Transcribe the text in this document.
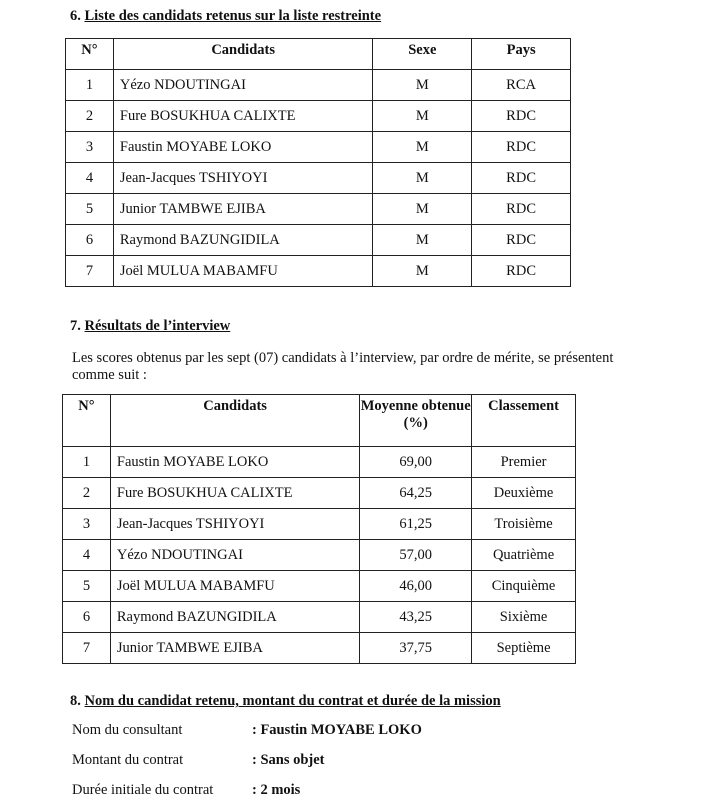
6. Liste des candidats retenus sur la liste restreinte
N°	Candidats	Sexe	Pays
1	Yézo NDOUTINGAI	M	RCA
2	Fure BOSUKHUA CALIXTE	M	RDC
3	Faustin MOYABE LOKO	M	RDC
4	Jean-Jacques TSHIYOYI	M	RDC
5	Junior TAMBWE EJIBA	M	RDC
6	Raymond BAZUNGIDILA	M	RDC
7	Joël MULUA MABAMFU	M	RDC
7. Résultats de l’interview
Les scores obtenus par les sept (07) candidats à l’interview, par ordre de mérite, se présentent comme suit :
N°	Candidats	Moyenne obtenue (%)	Classement
1	Faustin MOYABE LOKO	69,00	Premier
2	Fure BOSUKHUA CALIXTE	64,25	Deuxième
3	Jean-Jacques TSHIYOYI	61,25	Troisième
4	Yézo NDOUTINGAI	57,00	Quatrième
5	Joël MULUA MABAMFU	46,00	Cinquième
6	Raymond BAZUNGIDILA	43,25	Sixième
7	Junior TAMBWE EJIBA	37,75	Septième
8. Nom du candidat retenu, montant du contrat et durée de la mission
Nom du consultant	: Faustin MOYABE LOKO
Montant du contrat	: Sans objet
Durée initiale du contrat	: 2 mois
